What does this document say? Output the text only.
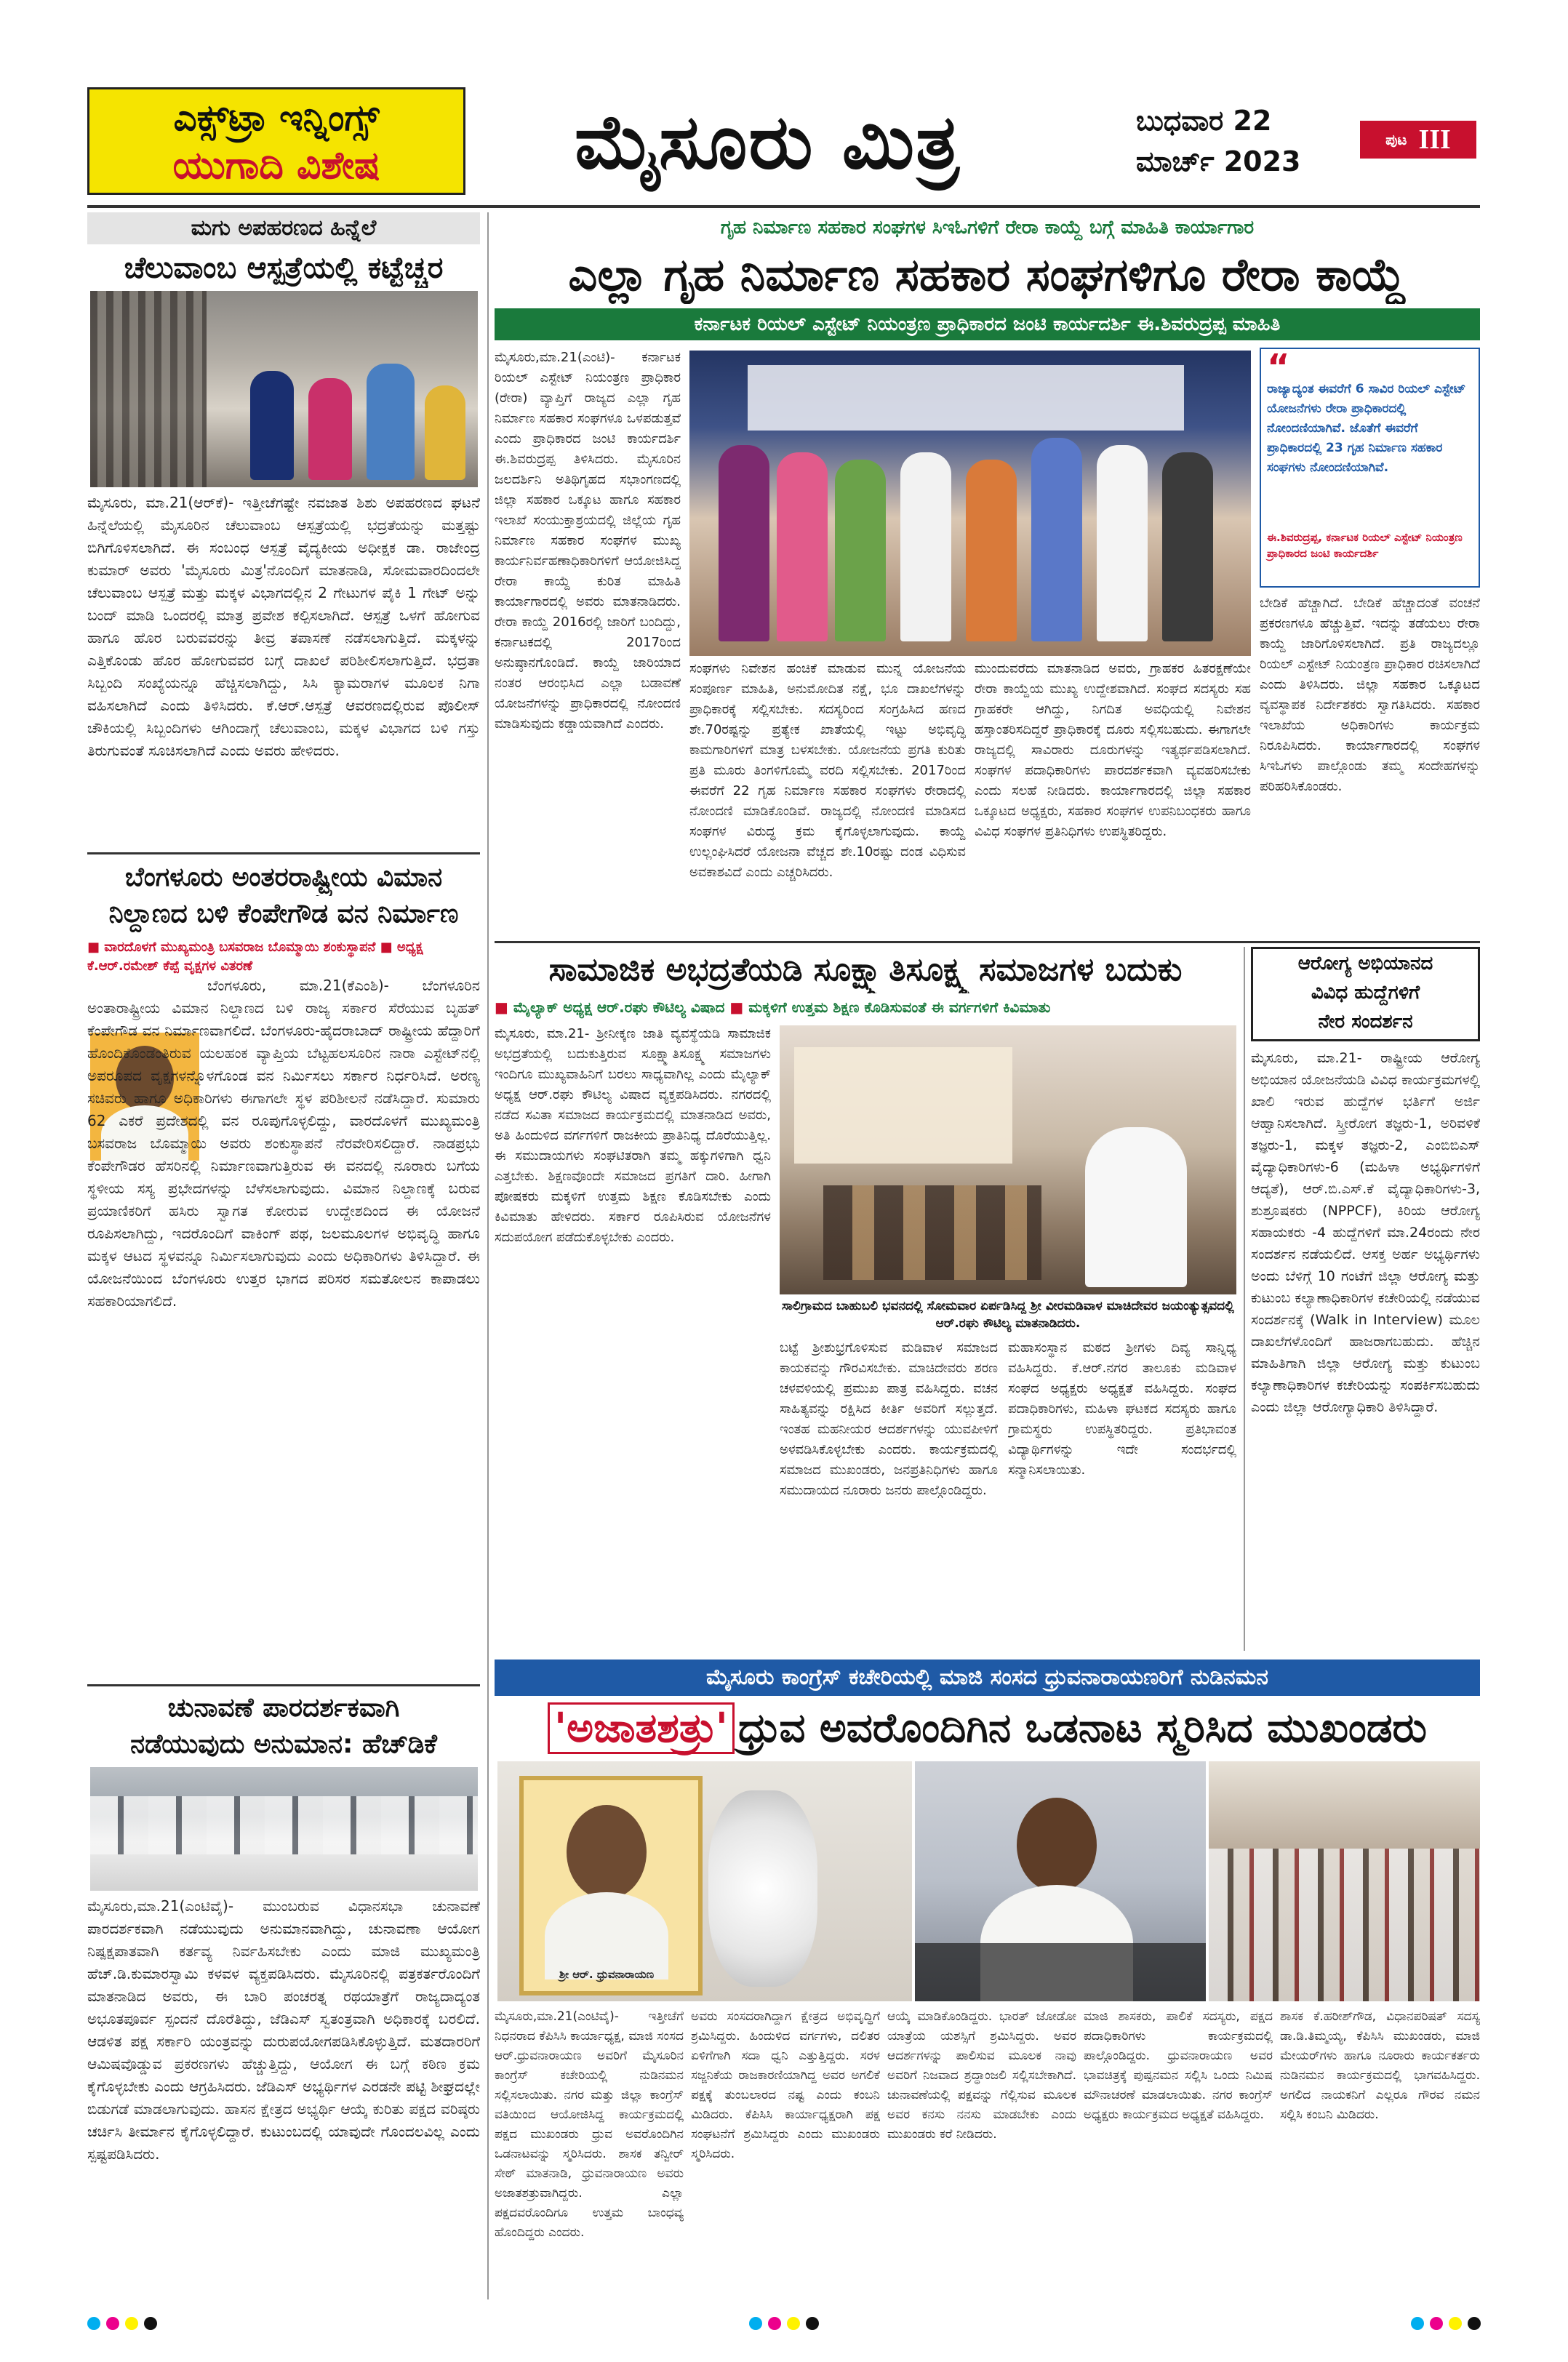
ಎಕ್ಸ್‌ಟ್ರಾ ಇನ್ನಿಂಗ್ಸ್
ಯುಗಾದಿ ವಿಶೇಷ	ಮೈಸೂರು ಮಿತ್ರ	ಬುಧವಾರ 22
ಮಾರ್ಚ್ 2023
ಪುಟ III
ಮಗು ಅಪಹರಣದ ಹಿನ್ನೆಲೆ
ಚೆಲುವಾಂಬ ಆಸ್ಪತ್ರೆಯಲ್ಲಿ ಕಟ್ಟೆಚ್ಚರ
ಮೈಸೂರು, ಮಾ.21(ಆರ್‌ಕೆ)- ಇತ್ತೀಚೆಗಷ್ಟೇ ನವಜಾತ ಶಿಶು ಅಪಹರಣದ ಘಟನೆ ಹಿನ್ನೆಲೆಯಲ್ಲಿ ಮೈಸೂರಿನ ಚೆಲುವಾಂಬ ಆಸ್ಪತ್ರೆಯಲ್ಲಿ ಭದ್ರತೆಯನ್ನು ಮತ್ತಷ್ಟು ಬಿಗಿಗೊಳಿಸಲಾಗಿದೆ. ಈ ಸಂಬಂಧ ಆಸ್ಪತ್ರೆ ವೈದ್ಯಕೀಯ ಅಧೀಕ್ಷಕ ಡಾ. ರಾಜೇಂದ್ರ ಕುಮಾರ್ ಅವರು 'ಮೈಸೂರು ಮಿತ್ರ'ನೊಂದಿಗೆ ಮಾತನಾಡಿ, ಸೋಮವಾರದಿಂದಲೇ ಚೆಲುವಾಂಬ ಆಸ್ಪತ್ರೆ ಮತ್ತು ಮಕ್ಕಳ ವಿಭಾಗದಲ್ಲಿನ 2 ಗೇಟುಗಳ ಪೈಕಿ 1 ಗೇಟ್ ಅನ್ನು ಬಂದ್ ಮಾಡಿ ಒಂದರಲ್ಲಿ ಮಾತ್ರ ಪ್ರವೇಶ ಕಲ್ಪಿಸಲಾಗಿದೆ. ಆಸ್ಪತ್ರೆ ಒಳಗೆ ಹೋಗುವ ಹಾಗೂ ಹೊರ ಬರುವವರನ್ನು ತೀವ್ರ ತಪಾಸಣೆ ನಡೆಸಲಾಗುತ್ತಿದೆ. ಮಕ್ಕಳನ್ನು ಎತ್ತಿಕೊಂಡು ಹೊರ ಹೋಗುವವರ ಬಗ್ಗೆ ದಾಖಲೆ ಪರಿಶೀಲಿಸಲಾಗುತ್ತಿದೆ. ಭದ್ರತಾ ಸಿಬ್ಬಂದಿ ಸಂಖ್ಯೆಯನ್ನೂ ಹೆಚ್ಚಿಸಲಾಗಿದ್ದು, ಸಿಸಿ ಕ್ಯಾಮರಾಗಳ ಮೂಲಕ ನಿಗಾ ವಹಿಸಲಾಗಿದೆ ಎಂದು ತಿಳಿಸಿದರು. ಕೆ.ಆರ್.ಆಸ್ಪತ್ರೆ ಆವರಣದಲ್ಲಿರುವ ಪೊಲೀಸ್ ಚೌಕಿಯಲ್ಲಿ ಸಿಬ್ಬಂದಿಗಳು ಆಗಿಂದಾಗ್ಗೆ ಚೆಲುವಾಂಬ, ಮಕ್ಕಳ ವಿಭಾಗದ ಬಳಿ ಗಸ್ತು ತಿರುಗುವಂತೆ ಸೂಚಿಸಲಾಗಿದೆ ಎಂದು ಅವರು ಹೇಳಿದರು.
ಬೆಂಗಳೂರು ಅಂತರರಾಷ್ಟ್ರೀಯ ವಿಮಾನ
ನಿಲ್ದಾಣದ ಬಳಿ ಕೆಂಪೇಗೌಡ ವನ ನಿರ್ಮಾಣ
■ ವಾರದೊಳಗೆ ಮುಖ್ಯಮಂತ್ರಿ ಬಸವರಾಜ ಬೊಮ್ಮಾಯಿ ಶಂಕುಸ್ಥಾಪನೆ ■ ಅಧ್ಯಕ್ಷ ಕೆ.ಆರ್.ರಮೇಶ್ ಕೆಪ್ಪೆ ವೃಕ್ಷಗಳ ವಿತರಣೆ
ಬೆಂಗಳೂರು, ಮಾ.21(ಕೆಎಂಶಿ)- ಬೆಂಗಳೂರಿನ ಅಂತಾರಾಷ್ಟ್ರೀಯ ವಿಮಾನ ನಿಲ್ದಾಣದ ಬಳಿ ರಾಜ್ಯ ಸರ್ಕಾರ ಸೆರೆಯುವ ಬೃಹತ್ ಕೆಂಪೇಗೌಡ ವನ ನಿರ್ಮಾಣವಾಗಲಿದೆ. ಬೆಂಗಳೂರು-ಹೈದರಾಬಾದ್ ರಾಷ್ಟ್ರೀಯ ಹೆದ್ದಾರಿಗೆ ಹೊಂದಿಕೊಂಡಂತಿರುವ ಯಲಹಂಕ ವ್ಯಾಪ್ತಿಯ ಬೆಟ್ಟಹಲಸೂರಿನ ನಾರಾ ಎಸ್ಟೇಟ್‌ನಲ್ಲಿ ಅಪರೂಪದ ವೃಕ್ಷಗಳನ್ನೊಳಗೊಂಡ ವನ ನಿರ್ಮಿಸಲು ಸರ್ಕಾರ ನಿರ್ಧರಿಸಿದೆ. ಅರಣ್ಯ ಸಚಿವರು ಹಾಗೂ ಅಧಿಕಾರಿಗಳು ಈಗಾಗಲೇ ಸ್ಥಳ ಪರಿಶೀಲನೆ ನಡೆಸಿದ್ದಾರೆ. ಸುಮಾರು 62 ಎಕರೆ ಪ್ರದೇಶದಲ್ಲಿ ವನ ರೂಪುಗೊಳ್ಳಲಿದ್ದು, ವಾರದೊಳಗೆ ಮುಖ್ಯಮಂತ್ರಿ ಬಸವರಾಜ ಬೊಮ್ಮಾಯಿ ಅವರು ಶಂಕುಸ್ಥಾಪನೆ ನೆರವೇರಿಸಲಿದ್ದಾರೆ. ನಾಡಪ್ರಭು ಕೆಂಪೇಗೌಡರ ಹೆಸರಿನಲ್ಲಿ ನಿರ್ಮಾಣವಾಗುತ್ತಿರುವ ಈ ವನದಲ್ಲಿ ನೂರಾರು ಬಗೆಯ ಸ್ಥಳೀಯ ಸಸ್ಯ ಪ್ರಭೇದಗಳನ್ನು ಬೆಳೆಸಲಾಗುವುದು. ವಿಮಾನ ನಿಲ್ದಾಣಕ್ಕೆ ಬರುವ ಪ್ರಯಾಣಿಕರಿಗೆ ಹಸಿರು ಸ್ವಾಗತ ಕೋರುವ ಉದ್ದೇಶದಿಂದ ಈ ಯೋಜನೆ ರೂಪಿಸಲಾಗಿದ್ದು, ಇದರೊಂದಿಗೆ ವಾಕಿಂಗ್ ಪಥ, ಜಲಮೂಲಗಳ ಅಭಿವೃದ್ಧಿ ಹಾಗೂ ಮಕ್ಕಳ ಆಟದ ಸ್ಥಳವನ್ನೂ ನಿರ್ಮಿಸಲಾಗುವುದು ಎಂದು ಅಧಿಕಾರಿಗಳು ತಿಳಿಸಿದ್ದಾರೆ. ಈ ಯೋಜನೆಯಿಂದ ಬೆಂಗಳೂರು ಉತ್ತರ ಭಾಗದ ಪರಿಸರ ಸಮತೋಲನ ಕಾಪಾಡಲು ಸಹಕಾರಿಯಾಗಲಿದೆ.
ಚುನಾವಣೆ ಪಾರದರ್ಶಕವಾಗಿ
ನಡೆಯುವುದು ಅನುಮಾನ: ಹೆಚ್‌ಡಿಕೆ
ಮೈಸೂರು,ಮಾ.21(ಎಂಟಿವೈ)- ಮುಂಬರುವ ವಿಧಾನಸಭಾ ಚುನಾವಣೆ ಪಾರದರ್ಶಕವಾಗಿ ನಡೆಯುವುದು ಅನುಮಾನವಾಗಿದ್ದು, ಚುನಾವಣಾ ಆಯೋಗ ನಿಷ್ಪಕ್ಷಪಾತವಾಗಿ ಕರ್ತವ್ಯ ನಿರ್ವಹಿಸಬೇಕು ಎಂದು ಮಾಜಿ ಮುಖ್ಯಮಂತ್ರಿ ಹೆಚ್.ಡಿ.ಕುಮಾರಸ್ವಾಮಿ ಕಳವಳ ವ್ಯಕ್ತಪಡಿಸಿದರು. ಮೈಸೂರಿನಲ್ಲಿ ಪತ್ರಕರ್ತರೊಂದಿಗೆ ಮಾತನಾಡಿದ ಅವರು, ಈ ಬಾರಿ ಪಂಚರತ್ನ ರಥಯಾತ್ರೆಗೆ ರಾಜ್ಯದಾದ್ಯಂತ ಅಭೂತಪೂರ್ವ ಸ್ಪಂದನೆ ದೊರೆತಿದ್ದು, ಜೆಡಿಎಸ್ ಸ್ವತಂತ್ರವಾಗಿ ಅಧಿಕಾರಕ್ಕೆ ಬರಲಿದೆ. ಆಡಳಿತ ಪಕ್ಷ ಸರ್ಕಾರಿ ಯಂತ್ರವನ್ನು ದುರುಪಯೋಗಪಡಿಸಿಕೊಳ್ಳುತ್ತಿದೆ. ಮತದಾರರಿಗೆ ಆಮಿಷವೊಡ್ಡುವ ಪ್ರಕರಣಗಳು ಹೆಚ್ಚುತ್ತಿದ್ದು, ಆಯೋಗ ಈ ಬಗ್ಗೆ ಕಠಿಣ ಕ್ರಮ ಕೈಗೊಳ್ಳಬೇಕು ಎಂದು ಆಗ್ರಹಿಸಿದರು. ಜೆಡಿಎಸ್ ಅಭ್ಯರ್ಥಿಗಳ ಎರಡನೇ ಪಟ್ಟಿ ಶೀಘ್ರದಲ್ಲೇ ಬಿಡುಗಡೆ ಮಾಡಲಾಗುವುದು. ಹಾಸನ ಕ್ಷೇತ್ರದ ಅಭ್ಯರ್ಥಿ ಆಯ್ಕೆ ಕುರಿತು ಪಕ್ಷದ ವರಿಷ್ಠರು ಚರ್ಚಿಸಿ ತೀರ್ಮಾನ ಕೈಗೊಳ್ಳಲಿದ್ದಾರೆ. ಕುಟುಂಬದಲ್ಲಿ ಯಾವುದೇ ಗೊಂದಲವಿಲ್ಲ ಎಂದು ಸ್ಪಷ್ಟಪಡಿಸಿದರು.
ಗೃಹ ನಿರ್ಮಾಣ ಸಹಕಾರ ಸಂಘಗಳ ಸಿಇಓಗಳಿಗೆ ರೇರಾ ಕಾಯ್ದೆ ಬಗ್ಗೆ ಮಾಹಿತಿ ಕಾರ್ಯಾಗಾರ
ಎಲ್ಲಾ ಗೃಹ ನಿರ್ಮಾಣ ಸಹಕಾರ ಸಂಘಗಳಿಗೂ ರೇರಾ ಕಾಯ್ದೆ
ಕರ್ನಾಟಕ ರಿಯಲ್ ಎಸ್ಟೇಟ್ ನಿಯಂತ್ರಣ ಪ್ರಾಧಿಕಾರದ ಜಂಟಿ ಕಾರ್ಯದರ್ಶಿ ಈ.ಶಿವರುದ್ರಪ್ಪ ಮಾಹಿತಿ
ಮೈಸೂರು,ಮಾ.21(ಎಂಟಿ)- ಕರ್ನಾಟಕ ರಿಯಲ್ ಎಸ್ಟೇಟ್ ನಿಯಂತ್ರಣ ಪ್ರಾಧಿಕಾರ (ರೇರಾ) ವ್ಯಾಪ್ತಿಗೆ ರಾಜ್ಯದ ಎಲ್ಲಾ ಗೃಹ ನಿರ್ಮಾಣ ಸಹಕಾರ ಸಂಘಗಳೂ ಒಳಪಡುತ್ತವೆ ಎಂದು ಪ್ರಾಧಿಕಾರದ ಜಂಟಿ ಕಾರ್ಯದರ್ಶಿ ಈ.ಶಿವರುದ್ರಪ್ಪ ತಿಳಿಸಿದರು. ಮೈಸೂರಿನ ಜಲದರ್ಶಿನಿ ಅತಿಥಿಗೃಹದ ಸಭಾಂಗಣದಲ್ಲಿ ಜಿಲ್ಲಾ ಸಹಕಾರ ಒಕ್ಕೂಟ ಹಾಗೂ ಸಹಕಾರ ಇಲಾಖೆ ಸಂಯುಕ್ತಾಶ್ರಯದಲ್ಲಿ ಜಿಲ್ಲೆಯ ಗೃಹ ನಿರ್ಮಾಣ ಸಹಕಾರ ಸಂಘಗಳ ಮುಖ್ಯ ಕಾರ್ಯನಿರ್ವಹಣಾಧಿಕಾರಿಗಳಿಗೆ ಆಯೋಜಿಸಿದ್ದ ರೇರಾ ಕಾಯ್ದೆ ಕುರಿತ ಮಾಹಿತಿ ಕಾರ್ಯಾಗಾರದಲ್ಲಿ ಅವರು ಮಾತನಾಡಿದರು. ರೇರಾ ಕಾಯ್ದೆ 2016ರಲ್ಲಿ ಜಾರಿಗೆ ಬಂದಿದ್ದು, ಕರ್ನಾಟಕದಲ್ಲಿ 2017ರಿಂದ ಅನುಷ್ಠಾನಗೊಂಡಿದೆ. ಕಾಯ್ದೆ ಜಾರಿಯಾದ ನಂತರ ಆರಂಭಿಸಿದ ಎಲ್ಲಾ ಬಡಾವಣೆ ಯೋಜನೆಗಳನ್ನು ಪ್ರಾಧಿಕಾರದಲ್ಲಿ ನೋಂದಣಿ ಮಾಡಿಸುವುದು ಕಡ್ಡಾಯವಾಗಿದೆ ಎಂದರು.
“
ರಾಜ್ಯಾದ್ಯಂತ ಈವರೆಗೆ 6 ಸಾವಿರ ರಿಯಲ್ ಎಸ್ಟೇಟ್ ಯೋಜನೆಗಳು ರೇರಾ ಪ್ರಾಧಿಕಾರದಲ್ಲಿ ನೋಂದಣಿಯಾಗಿವೆ. ಜೊತೆಗೆ ಈವರೆಗೆ ಪ್ರಾಧಿಕಾರದಲ್ಲಿ 23 ಗೃಹ ನಿರ್ಮಾಣ ಸಹಕಾರ ಸಂಘಗಳು ನೋಂದಣಿಯಾಗಿವೆ.
ಈ.ಶಿವರುದ್ರಪ್ಪ, ಕರ್ನಾಟಕ ರಿಯಲ್ ಎಸ್ಟೇಟ್ ನಿಯಂತ್ರಣ ಪ್ರಾಧಿಕಾರದ ಜಂಟಿ ಕಾರ್ಯದರ್ಶಿ
ಬೇಡಿಕೆ ಹೆಚ್ಚಾಗಿದೆ. ಬೇಡಿಕೆ ಹೆಚ್ಚಾದಂತೆ ವಂಚನೆ ಪ್ರಕರಣಗಳೂ ಹೆಚ್ಚುತ್ತಿವೆ. ಇದನ್ನು ತಡೆಯಲು ರೇರಾ ಕಾಯ್ದೆ ಜಾರಿಗೊಳಿಸಲಾಗಿದೆ. ಪ್ರತಿ ರಾಜ್ಯದಲ್ಲೂ ರಿಯಲ್ ಎಸ್ಟೇಟ್ ನಿಯಂತ್ರಣ ಪ್ರಾಧಿಕಾರ ರಚಿಸಲಾಗಿದೆ ಎಂದು ತಿಳಿಸಿದರು. ಜಿಲ್ಲಾ ಸಹಕಾರ ಒಕ್ಕೂಟದ ವ್ಯವಸ್ಥಾಪಕ ನಿರ್ದೇಶಕರು ಸ್ವಾಗತಿಸಿದರು. ಸಹಕಾರ ಇಲಾಖೆಯ ಅಧಿಕಾರಿಗಳು ಕಾರ್ಯಕ್ರಮ ನಿರೂಪಿಸಿದರು. ಕಾರ್ಯಾಗಾರದಲ್ಲಿ ಸಂಘಗಳ ಸಿಇಓಗಳು ಪಾಲ್ಗೊಂಡು ತಮ್ಮ ಸಂದೇಹಗಳನ್ನು ಪರಿಹರಿಸಿಕೊಂಡರು.
ಸಂಘಗಳು ನಿವೇಶನ ಹಂಚಿಕೆ ಮಾಡುವ ಮುನ್ನ ಯೋಜನೆಯ ಸಂಪೂರ್ಣ ಮಾಹಿತಿ, ಅನುಮೋದಿತ ನಕ್ಷೆ, ಭೂ ದಾಖಲೆಗಳನ್ನು ಪ್ರಾಧಿಕಾರಕ್ಕೆ ಸಲ್ಲಿಸಬೇಕು. ಸದಸ್ಯರಿಂದ ಸಂಗ್ರಹಿಸಿದ ಹಣದ ಶೇ.70ರಷ್ಟನ್ನು ಪ್ರತ್ಯೇಕ ಖಾತೆಯಲ್ಲಿ ಇಟ್ಟು ಅಭಿವೃದ್ಧಿ ಕಾಮಗಾರಿಗಳಿಗೆ ಮಾತ್ರ ಬಳಸಬೇಕು. ಯೋಜನೆಯ ಪ್ರಗತಿ ಕುರಿತು ಪ್ರತಿ ಮೂರು ತಿಂಗಳಿಗೊಮ್ಮೆ ವರದಿ ಸಲ್ಲಿಸಬೇಕು. 2017ರಿಂದ ಈವರೆಗೆ 22 ಗೃಹ ನಿರ್ಮಾಣ ಸಹಕಾರ ಸಂಘಗಳು ರೇರಾದಲ್ಲಿ ನೋಂದಣಿ ಮಾಡಿಕೊಂಡಿವೆ. ರಾಜ್ಯದಲ್ಲಿ ನೋಂದಣಿ ಮಾಡಿಸದ ಸಂಘಗಳ ವಿರುದ್ಧ ಕ್ರಮ ಕೈಗೊಳ್ಳಲಾಗುವುದು. ಕಾಯ್ದೆ ಉಲ್ಲಂಘಿಸಿದರೆ ಯೋಜನಾ ವೆಚ್ಚದ ಶೇ.10ರಷ್ಟು ದಂಡ ವಿಧಿಸುವ ಅವಕಾಶವಿದೆ ಎಂದು ಎಚ್ಚರಿಸಿದರು.
ಮುಂದುವರೆದು ಮಾತನಾಡಿದ ಅವರು, ಗ್ರಾಹಕರ ಹಿತರಕ್ಷಣೆಯೇ ರೇರಾ ಕಾಯ್ದೆಯ ಮುಖ್ಯ ಉದ್ದೇಶವಾಗಿದೆ. ಸಂಘದ ಸದಸ್ಯರು ಸಹ ಗ್ರಾಹಕರೇ ಆಗಿದ್ದು, ನಿಗದಿತ ಅವಧಿಯಲ್ಲಿ ನಿವೇಶನ ಹಸ್ತಾಂತರಿಸದಿದ್ದರೆ ಪ್ರಾಧಿಕಾರಕ್ಕೆ ದೂರು ಸಲ್ಲಿಸಬಹುದು. ಈಗಾಗಲೇ ರಾಜ್ಯದಲ್ಲಿ ಸಾವಿರಾರು ದೂರುಗಳನ್ನು ಇತ್ಯರ್ಥಪಡಿಸಲಾಗಿದೆ. ಸಂಘಗಳ ಪದಾಧಿಕಾರಿಗಳು ಪಾರದರ್ಶಕವಾಗಿ ವ್ಯವಹರಿಸಬೇಕು ಎಂದು ಸಲಹೆ ನೀಡಿದರು. ಕಾರ್ಯಾಗಾರದಲ್ಲಿ ಜಿಲ್ಲಾ ಸಹಕಾರ ಒಕ್ಕೂಟದ ಅಧ್ಯಕ್ಷರು, ಸಹಕಾರ ಸಂಘಗಳ ಉಪನಿಬಂಧಕರು ಹಾಗೂ ವಿವಿಧ ಸಂಘಗಳ ಪ್ರತಿನಿಧಿಗಳು ಉಪಸ್ಥಿತರಿದ್ದರು.
ಸಾಮಾಜಿಕ ಅಭದ್ರತೆಯಡಿ ಸೂಕ್ಷ್ಮಾತಿಸೂಕ್ಷ್ಮ ಸಮಾಜಗಳ ಬದುಕು
■ ಮೈಲ್ಯಾಕ್ ಅಧ್ಯಕ್ಷ ಆರ್.ರಘು ಕೌಟಿಲ್ಯ ವಿಷಾದ ■ ಮಕ್ಕಳಿಗೆ ಉತ್ತಮ ಶಿಕ್ಷಣ ಕೊಡಿಸುವಂತೆ ಈ ವರ್ಗಗಳಿಗೆ ಕಿವಿಮಾತು
ಮೈಸೂರು, ಮಾ.21- ಶ್ರೀನೀಕ್ಕಣ ಜಾತಿ ವ್ಯವಸ್ಥೆಯಡಿ ಸಾಮಾಜಿಕ ಅಭದ್ರತೆಯಲ್ಲಿ ಬದುಕುತ್ತಿರುವ ಸೂಕ್ಷ್ಮಾತಿಸೂಕ್ಷ್ಮ ಸಮಾಜಗಳು ಇಂದಿಗೂ ಮುಖ್ಯವಾಹಿನಿಗೆ ಬರಲು ಸಾಧ್ಯವಾಗಿಲ್ಲ ಎಂದು ಮೈಲ್ಯಾಕ್ ಅಧ್ಯಕ್ಷ ಆರ್.ರಘು ಕೌಟಿಲ್ಯ ವಿಷಾದ ವ್ಯಕ್ತಪಡಿಸಿದರು. ನಗರದಲ್ಲಿ ನಡೆದ ಸವಿತಾ ಸಮಾಜದ ಕಾರ್ಯಕ್ರಮದಲ್ಲಿ ಮಾತನಾಡಿದ ಅವರು, ಅತಿ ಹಿಂದುಳಿದ ವರ್ಗಗಳಿಗೆ ರಾಜಕೀಯ ಪ್ರಾತಿನಿಧ್ಯ ದೊರೆಯುತ್ತಿಲ್ಲ. ಈ ಸಮುದಾಯಗಳು ಸಂಘಟಿತರಾಗಿ ತಮ್ಮ ಹಕ್ಕುಗಳಿಗಾಗಿ ಧ್ವನಿ ಎತ್ತಬೇಕು. ಶಿಕ್ಷಣವೊಂದೇ ಸಮಾಜದ ಪ್ರಗತಿಗೆ ದಾರಿ. ಹೀಗಾಗಿ ಪೋಷಕರು ಮಕ್ಕಳಿಗೆ ಉತ್ತಮ ಶಿಕ್ಷಣ ಕೊಡಿಸಬೇಕು ಎಂದು ಕಿವಿಮಾತು ಹೇಳಿದರು. ಸರ್ಕಾರ ರೂಪಿಸಿರುವ ಯೋಜನೆಗಳ ಸದುಪಯೋಗ ಪಡೆದುಕೊಳ್ಳಬೇಕು ಎಂದರು.
ಸಾಲಿಗ್ರಾಮದ ಬಾಹುಬಲಿ ಭವನದಲ್ಲಿ ಸೋಮವಾರ ಏರ್ಪಡಿಸಿದ್ದ ಶ್ರೀ ವೀರಮಡಿವಾಳ ಮಾಚಿದೇವರ ಜಯಂತ್ಯುತ್ಸವದಲ್ಲಿ ಆರ್.ರಘು ಕೌಟಿಲ್ಯ ಮಾತನಾಡಿದರು.
ಬಟ್ಟೆ ಶ್ರೀಶುಭ್ರಗೊಳಿಸುವ ಮಡಿವಾಳ ಸಮಾಜದ ಕಾಯಕವನ್ನು ಗೌರವಿಸಬೇಕು. ಮಾಚಿದೇವರು ಶರಣ ಚಳವಳಿಯಲ್ಲಿ ಪ್ರಮುಖ ಪಾತ್ರ ವಹಿಸಿದ್ದರು. ವಚನ ಸಾಹಿತ್ಯವನ್ನು ರಕ್ಷಿಸಿದ ಕೀರ್ತಿ ಅವರಿಗೆ ಸಲ್ಲುತ್ತದೆ. ಇಂತಹ ಮಹನೀಯರ ಆದರ್ಶಗಳನ್ನು ಯುವಪೀಳಿಗೆ ಅಳವಡಿಸಿಕೊಳ್ಳಬೇಕು ಎಂದರು. ಕಾರ್ಯಕ್ರಮದಲ್ಲಿ ಸಮಾಜದ ಮುಖಂಡರು, ಜನಪ್ರತಿನಿಧಿಗಳು ಹಾಗೂ ಸಮುದಾಯದ ನೂರಾರು ಜನರು ಪಾಲ್ಗೊಂಡಿದ್ದರು.
ಮಹಾಸಂಸ್ಥಾನ ಮಠದ ಶ್ರೀಗಳು ದಿವ್ಯ ಸಾನ್ನಿಧ್ಯ ವಹಿಸಿದ್ದರು. ಕೆ.ಆರ್.ನಗರ ತಾಲೂಕು ಮಡಿವಾಳ ಸಂಘದ ಅಧ್ಯಕ್ಷರು ಅಧ್ಯಕ್ಷತೆ ವಹಿಸಿದ್ದರು. ಸಂಘದ ಪದಾಧಿಕಾರಿಗಳು, ಮಹಿಳಾ ಘಟಕದ ಸದಸ್ಯರು ಹಾಗೂ ಗ್ರಾಮಸ್ಥರು ಉಪಸ್ಥಿತರಿದ್ದರು. ಪ್ರತಿಭಾವಂತ ವಿದ್ಯಾರ್ಥಿಗಳನ್ನು ಇದೇ ಸಂದರ್ಭದಲ್ಲಿ ಸನ್ಮಾನಿಸಲಾಯಿತು.
ಆರೋಗ್ಯ ಅಭಿಯಾನದ
ವಿವಿಧ ಹುದ್ದೆಗಳಿಗೆ
ನೇರ ಸಂದರ್ಶನ
ಮೈಸೂರು, ಮಾ.21- ರಾಷ್ಟ್ರೀಯ ಆರೋಗ್ಯ ಅಭಿಯಾನ ಯೋಜನೆಯಡಿ ವಿವಿಧ ಕಾರ್ಯಕ್ರಮಗಳಲ್ಲಿ ಖಾಲಿ ಇರುವ ಹುದ್ದೆಗಳ ಭರ್ತಿಗೆ ಅರ್ಜಿ ಆಹ್ವಾನಿಸಲಾಗಿದೆ. ಸ್ತ್ರೀರೋಗ ತಜ್ಞರು-1, ಅರಿವಳಿಕೆ ತಜ್ಞರು-1, ಮಕ್ಕಳ ತಜ್ಞರು-2, ಎಂಬಿಬಿಎಸ್ ವೈದ್ಯಾಧಿಕಾರಿಗಳು-6 (ಮಹಿಳಾ ಅಭ್ಯರ್ಥಿಗಳಿಗೆ ಆದ್ಯತೆ), ಆರ್.ಬಿ.ಎಸ್.ಕೆ ವೈದ್ಯಾಧಿಕಾರಿಗಳು-3, ಶುಶ್ರೂಷಕರು (NPPCF), ಕಿರಿಯ ಆರೋಗ್ಯ ಸಹಾಯಕರು -4 ಹುದ್ದೆಗಳಿಗೆ ಮಾ.24ರಂದು ನೇರ ಸಂದರ್ಶನ ನಡೆಯಲಿದೆ. ಆಸಕ್ತ ಅರ್ಹ ಅಭ್ಯರ್ಥಿಗಳು ಅಂದು ಬೆಳಿಗ್ಗೆ 10 ಗಂಟೆಗೆ ಜಿಲ್ಲಾ ಆರೋಗ್ಯ ಮತ್ತು ಕುಟುಂಬ ಕಲ್ಯಾಣಾಧಿಕಾರಿಗಳ ಕಚೇರಿಯಲ್ಲಿ ನಡೆಯುವ ಸಂದರ್ಶನಕ್ಕೆ (Walk in Interview) ಮೂಲ ದಾಖಲೆಗಳೊಂದಿಗೆ ಹಾಜರಾಗಬಹುದು. ಹೆಚ್ಚಿನ ಮಾಹಿತಿಗಾಗಿ ಜಿಲ್ಲಾ ಆರೋಗ್ಯ ಮತ್ತು ಕುಟುಂಬ ಕಲ್ಯಾಣಾಧಿಕಾರಿಗಳ ಕಚೇರಿಯನ್ನು ಸಂಪರ್ಕಿಸಬಹುದು ಎಂದು ಜಿಲ್ಲಾ ಆರೋಗ್ಯಾಧಿಕಾರಿ ತಿಳಿಸಿದ್ದಾರೆ.
ಮೈಸೂರು ಕಾಂಗ್ರೆಸ್ ಕಚೇರಿಯಲ್ಲಿ ಮಾಜಿ ಸಂಸದ ಧ್ರುವನಾರಾಯಣರಿಗೆ ನುಡಿನಮನ
'ಅಜಾತಶತ್ರು' ಧ್ರುವ ಅವರೊಂದಿಗಿನ ಒಡನಾಟ ಸ್ಮರಿಸಿದ ಮುಖಂಡರು
ಶ್ರೀ ಆರ್. ಧ್ರುವನಾರಾಯಣ
ಮೈಸೂರು,ಮಾ.21(ಎಂಟಿವೈ)- ಇತ್ತೀಚೆಗೆ ನಿಧನರಾದ ಕೆಪಿಸಿಸಿ ಕಾರ್ಯಾಧ್ಯಕ್ಷ, ಮಾಜಿ ಸಂಸದ ಆರ್.ಧ್ರುವನಾರಾಯಣ ಅವರಿಗೆ ಮೈಸೂರಿನ ಕಾಂಗ್ರೆಸ್ ಕಚೇರಿಯಲ್ಲಿ ನುಡಿನಮನ ಸಲ್ಲಿಸಲಾಯಿತು. ನಗರ ಮತ್ತು ಜಿಲ್ಲಾ ಕಾಂಗ್ರೆಸ್ ವತಿಯಿಂದ ಆಯೋಜಿಸಿದ್ದ ಕಾರ್ಯಕ್ರಮದಲ್ಲಿ ಪಕ್ಷದ ಮುಖಂಡರು ಧ್ರುವ ಅವರೊಂದಿಗಿನ ಒಡನಾಟವನ್ನು ಸ್ಮರಿಸಿದರು. ಶಾಸಕ ತನ್ವೀರ್ ಸೇಠ್ ಮಾತನಾಡಿ, ಧ್ರುವನಾರಾಯಣ ಅವರು ಅಜಾತಶತ್ರುವಾಗಿದ್ದರು. ಎಲ್ಲಾ ಪಕ್ಷದವರೊಂದಿಗೂ ಉತ್ತಮ ಬಾಂಧವ್ಯ ಹೊಂದಿದ್ದರು ಎಂದರು.
ಅವರು ಸಂಸದರಾಗಿದ್ದಾಗ ಕ್ಷೇತ್ರದ ಅಭಿವೃದ್ಧಿಗೆ ಶ್ರಮಿಸಿದ್ದರು. ಹಿಂದುಳಿದ ವರ್ಗಗಳು, ದಲಿತರ ಏಳಿಗೆಗಾಗಿ ಸದಾ ಧ್ವನಿ ಎತ್ತುತ್ತಿದ್ದರು. ಸರಳ ಸಜ್ಜನಿಕೆಯ ರಾಜಕಾರಣಿಯಾಗಿದ್ದ ಅವರ ಅಗಲಿಕೆ ಪಕ್ಷಕ್ಕೆ ತುಂಬಲಾರದ ನಷ್ಟ ಎಂದು ಕಂಬನಿ ಮಿಡಿದರು. ಕೆಪಿಸಿಸಿ ಕಾರ್ಯಾಧ್ಯಕ್ಷರಾಗಿ ಪಕ್ಷ ಸಂಘಟನೆಗೆ ಶ್ರಮಿಸಿದ್ದರು ಎಂದು ಮುಖಂಡರು ಸ್ಮರಿಸಿದರು.
ಆಯ್ಕೆ ಮಾಡಿಕೊಂಡಿದ್ದರು. ಭಾರತ್ ಜೋಡೋ ಯಾತ್ರೆಯ ಯಶಸ್ಸಿಗೆ ಶ್ರಮಿಸಿದ್ದರು. ಅವರ ಆದರ್ಶಗಳನ್ನು ಪಾಲಿಸುವ ಮೂಲಕ ನಾವು ಅವರಿಗೆ ನಿಜವಾದ ಶ್ರದ್ಧಾಂಜಲಿ ಸಲ್ಲಿಸಬೇಕಾಗಿದೆ. ಚುನಾವಣೆಯಲ್ಲಿ ಪಕ್ಷವನ್ನು ಗೆಲ್ಲಿಸುವ ಮೂಲಕ ಅವರ ಕನಸು ನನಸು ಮಾಡಬೇಕು ಎಂದು ಮುಖಂಡರು ಕರೆ ನೀಡಿದರು.
ಮಾಜಿ ಶಾಸಕರು, ಪಾಲಿಕೆ ಸದಸ್ಯರು, ಪಕ್ಷದ ಪದಾಧಿಕಾರಿಗಳು ಕಾರ್ಯಕ್ರಮದಲ್ಲಿ ಪಾಲ್ಗೊಂಡಿದ್ದರು. ಧ್ರುವನಾರಾಯಣ ಅವರ ಭಾವಚಿತ್ರಕ್ಕೆ ಪುಷ್ಪನಮನ ಸಲ್ಲಿಸಿ ಒಂದು ನಿಮಿಷ ಮೌನಾಚರಣೆ ಮಾಡಲಾಯಿತು. ನಗರ ಕಾಂಗ್ರೆಸ್ ಅಧ್ಯಕ್ಷರು ಕಾರ್ಯಕ್ರಮದ ಅಧ್ಯಕ್ಷತೆ ವಹಿಸಿದ್ದರು.
ಶಾಸಕ ಕೆ.ಹರೀಶ್‌ಗೌಡ, ವಿಧಾನಪರಿಷತ್ ಸದಸ್ಯ ಡಾ.ಡಿ.ತಿಮ್ಮಯ್ಯ, ಕೆಪಿಸಿಸಿ ಮುಖಂಡರು, ಮಾಜಿ ಮೇಯರ್‌ಗಳು ಹಾಗೂ ನೂರಾರು ಕಾರ್ಯಕರ್ತರು ನುಡಿನಮನ ಕಾರ್ಯಕ್ರಮದಲ್ಲಿ ಭಾಗವಹಿಸಿದ್ದರು. ಅಗಲಿದ ನಾಯಕನಿಗೆ ಎಲ್ಲರೂ ಗೌರವ ನಮನ ಸಲ್ಲಿಸಿ ಕಂಬನಿ ಮಿಡಿದರು.
